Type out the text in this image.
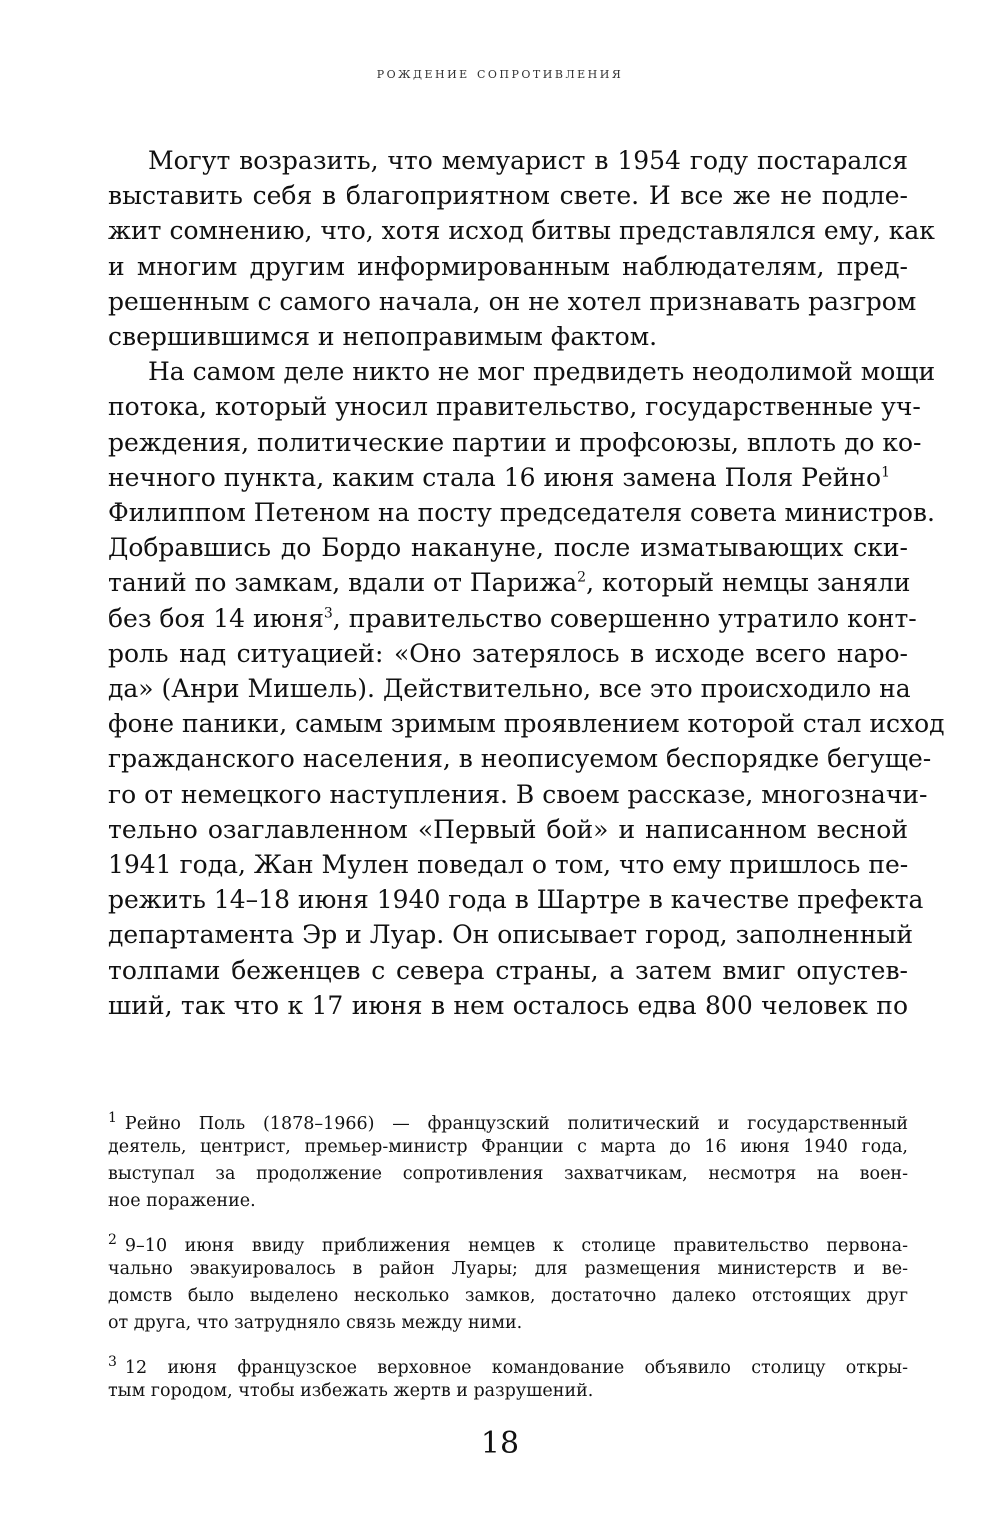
рождение сопротивления
Могут возразить, что мемуарист в 1954 году постарался
выставить себя в благоприятном свете. И все же не подле-
жит сомнению, что, хотя исход битвы представлялся ему, как
и многим другим информированным наблюдателям, пред-
решенным с самого начала, он не хотел признавать разгром
свершившимся и непоправимым фактом.
На самом деле никто не мог предвидеть неодолимой мощи
потока, который уносил правительство, государственные уч-
реждения, политические партии и профсоюзы, вплоть до ко-
нечного пункта, каким стала 16 июня замена Поля Рейно$^1$
Филиппом Петеном на посту председателя совета министров.
Добравшись до Бордо накануне, после изматывающих ски-
таний по замкам, вдали от Парижа$^2$, который немцы заняли
без боя 14 июня$^3$, правительство совершенно утратило конт-
роль над ситуацией: «Оно затерялось в исходе всего наро-
да» (Анри Мишель). Действительно, все это происходило на
фоне паники, самым зримым проявлением которой стал исход
гражданского населения, в неописуемом беспорядке бегуще-
го от немецкого наступления. В своем рассказе, многозначи-
тельно озаглавленном «Первый бой» и написанном весной
1941 года, Жан Мулен поведал о том, что ему пришлось пе-
режить 14–18 июня 1940 года в Шартре в качестве префекта
департамента Эр и Луар. Он описывает город, заполненный
толпами беженцев с севера страны, а затем вмиг опустев-
ший, так что к 17 июня в нем осталось едва 800 человек по
$^1$ Рейно Поль (1878–1966) — французский политический и государственный
деятель, центрист, премьер-министр Франции с марта до 16 июня 1940 года,
выступал за продолжение сопротивления захватчикам, несмотря на воен-
ное поражение.
$^2$ 9–10 июня ввиду приближения немцев к столице правительство первона-
чально эвакуировалось в район Луары; для размещения министерств и ве-
домств было выделено несколько замков, достаточно далеко отстоящих друг
от друга, что затрудняло связь между ними.
$^3$ 12 июня французское верховное командование объявило столицу откры-
тым городом, чтобы избежать жертв и разрушений.
18
